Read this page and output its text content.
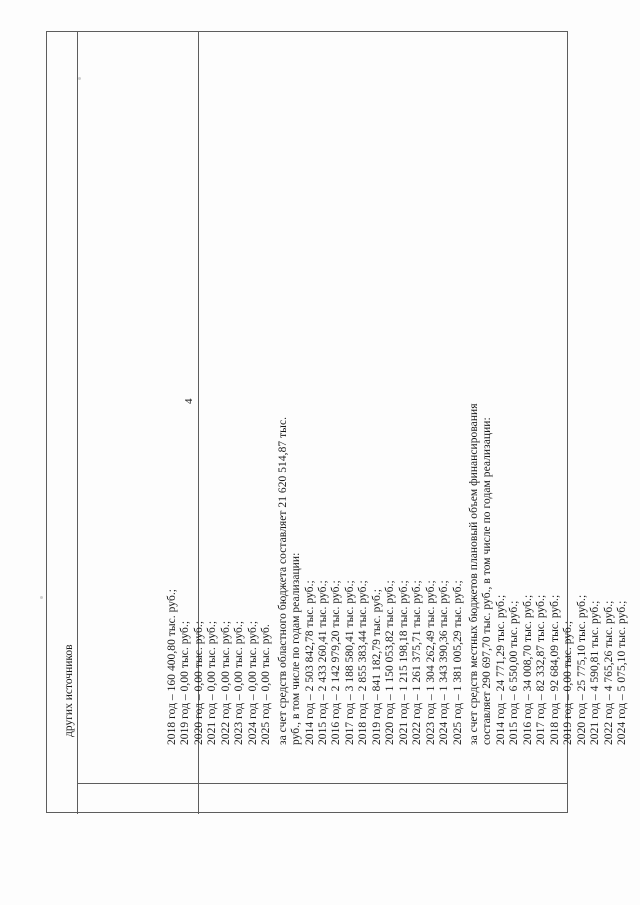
4
других источников	2018 год – 160 400,80 тыс. руб.; 2019 год – 0,00 тыс. руб.; 2020 год – 0,00 тыс. руб.; 2021 год – 0,00 тыс. руб.; 2022 год – 0,00 тыс. руб.; 2023 год – 0,00 тыс. руб.; 2024 год – 0,00 тыс. руб.; 2025 год – 0,00 тыс. руб. за счет средств областного бюджета составляет 21 620 514,87 тыс. руб., в том числе по годам реализации: 2014 год – 2 503 842,78 тыс. руб.; 2015 год – 2 433 260,41 тыс. руб.; 2016 год – 2 142 979,20 тыс. руб.; 2017 год – 3 188 580,41 тыс. руб.; 2018 год – 2 855 383,44 тыс. руб.; 2019 год – 841 182,79 тыс. руб.; 2020 год – 1 150 053,82 тыс. руб.; 2021 год – 1 215 198,18 тыс. руб.; 2022 год – 1 261 375,71 тыс. руб.; 2023 год – 1 304 262,49 тыс. руб.; 2024 год – 1 343 390,36 тыс. руб.; 2025 год – 1 381 005,29 тыс. руб.; за счет средств местных бюджетов плановый объем финансирования составляет 290 697,70 тыс. руб., в том числе по годам реализации: 2014 год – 24 771,29 тыс. руб.; 2015 год – 6 550,00 тыс. руб.; 2016 год – 34 008,70 тыс. руб.; 2017 год – 82 332,87 тыс. руб.; 2018 год – 92 684,09 тыс. руб.; 2019 год – 0,00 тыс. руб.; 2020 год – 25 775,10 тыс. руб.; 2021 год – 4 590,81 тыс. руб.; 2022 год – 4 765,26 тыс. руб.; 2024 год – 5 075,10 тыс. руб.;
